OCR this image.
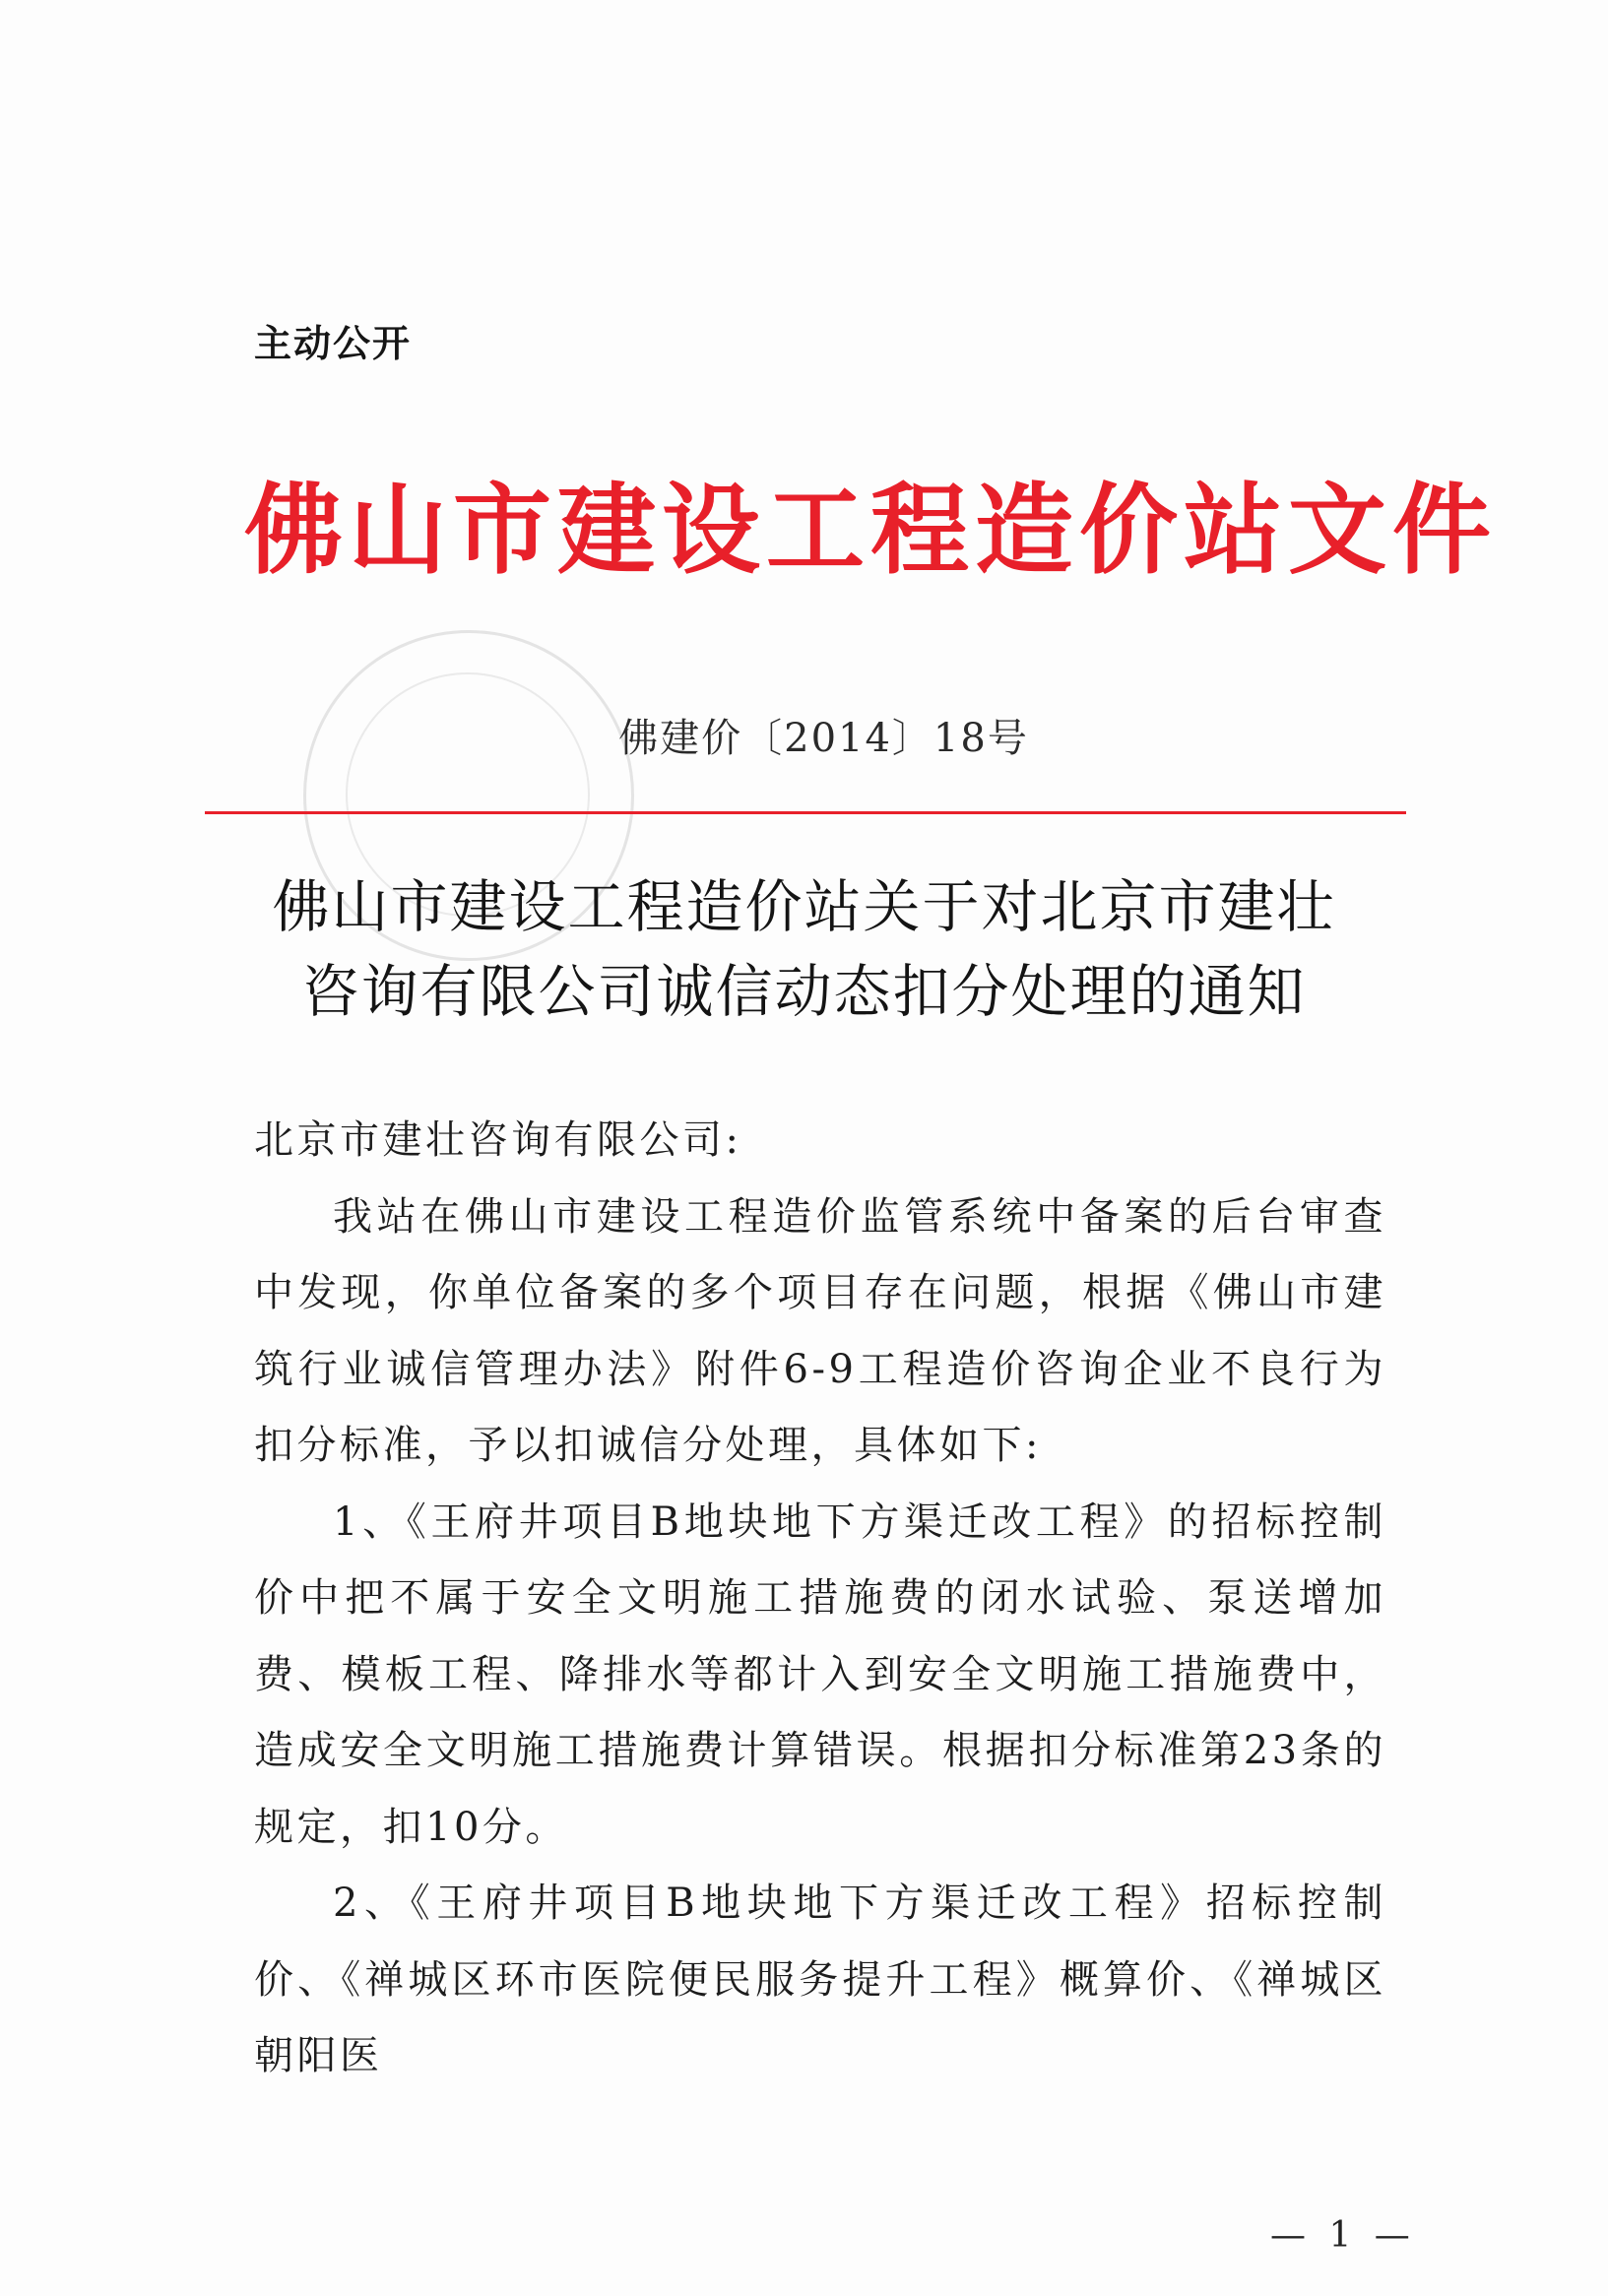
主动公开
佛山市建设工程造价站文件
佛建价〔2014〕18号
佛山市建设工程造价站关于对北京市建壮
咨询有限公司诚信动态扣分处理的通知

北京市建壮咨询有限公司:

我站在佛山市建设工程造价监管系统中备案的后台审查中发现，你单位备案的多个项目存在问题，根据《佛山市建筑行业诚信管理办法》附件6-9工程造价咨询企业不良行为扣分标准，予以扣诚信分处理，具体如下:

1、《王府井项目B地块地下方渠迁改工程》的招标控制价中把不属于安全文明施工措施费的闭水试验、泵送增加费、模板工程、降排水等都计入到安全文明施工措施费中，造成安全文明施工措施费计算错误。根据扣分标准第23条的规定，扣10分。

2、《王府井项目B地块地下方渠迁改工程》招标控制价、《禅城区环市医院便民服务提升工程》概算价、《禅城区朝阳医

— 1 —
